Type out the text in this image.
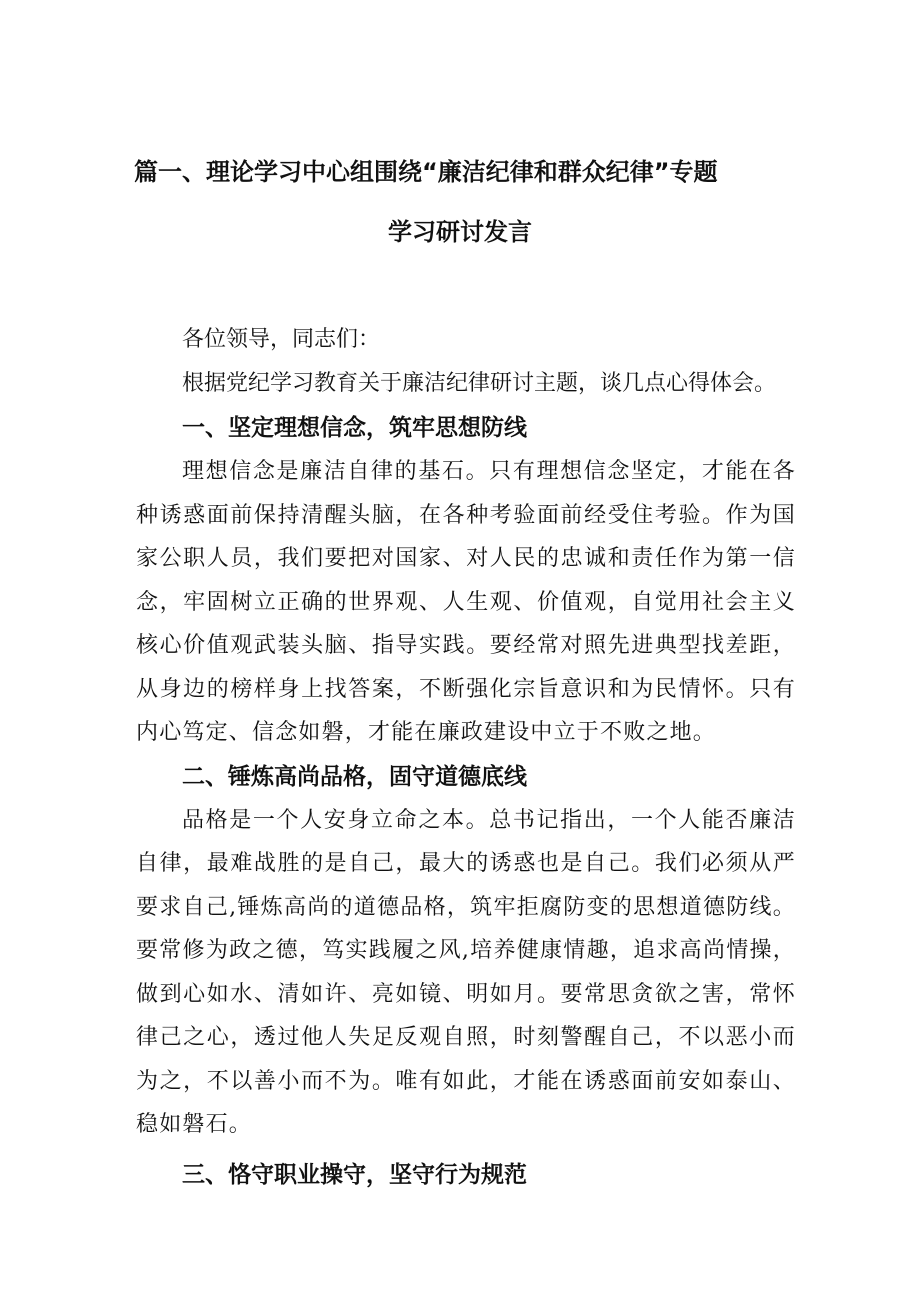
篇一、理论学习中心组围绕“廉洁纪律和群众纪律”专题
学习研讨发言
各位领导，同志们：
根据党纪学习教育关于廉洁纪律研讨主题，谈几点心得体会。
一、坚定理想信念，筑牢思想防线

理想信念是廉洁自律的基石。只有理想信念坚定，才能在各种诱惑面前保持清醒头脑，在各种考验面前经受住考验。作为国家公职人员，我们要把对国家、对人民的忠诚和责任作为第一信念，牢固树立正确的世界观、人生观、价值观，自觉用社会主义核心价值观武装头脑、指导实践。要经常对照先进典型找差距，从身边的榜样身上找答案，不断强化宗旨意识和为民情怀。只有内心笃定、信念如磐，才能在廉政建设中立于不败之地。

二、锤炼高尚品格，固守道德底线

品格是一个人安身立命之本。总书记指出，一个人能否廉洁自律，最难战胜的是自己，最大的诱惑也是自己。我们必须从严要求自己,锤炼高尚的道德品格，筑牢拒腐防变的思想道德防线。要常修为政之德，笃实践履之风,培养健康情趣，追求高尚情操，做到心如水、清如许、亮如镜、明如月。要常思贪欲之害，常怀律己之心，透过他人失足反观自照，时刻警醒自己，不以恶小而为之，不以善小而不为。唯有如此，才能在诱惑面前安如泰山、稳如磐石。

三、恪守职业操守，坚守行为规范
